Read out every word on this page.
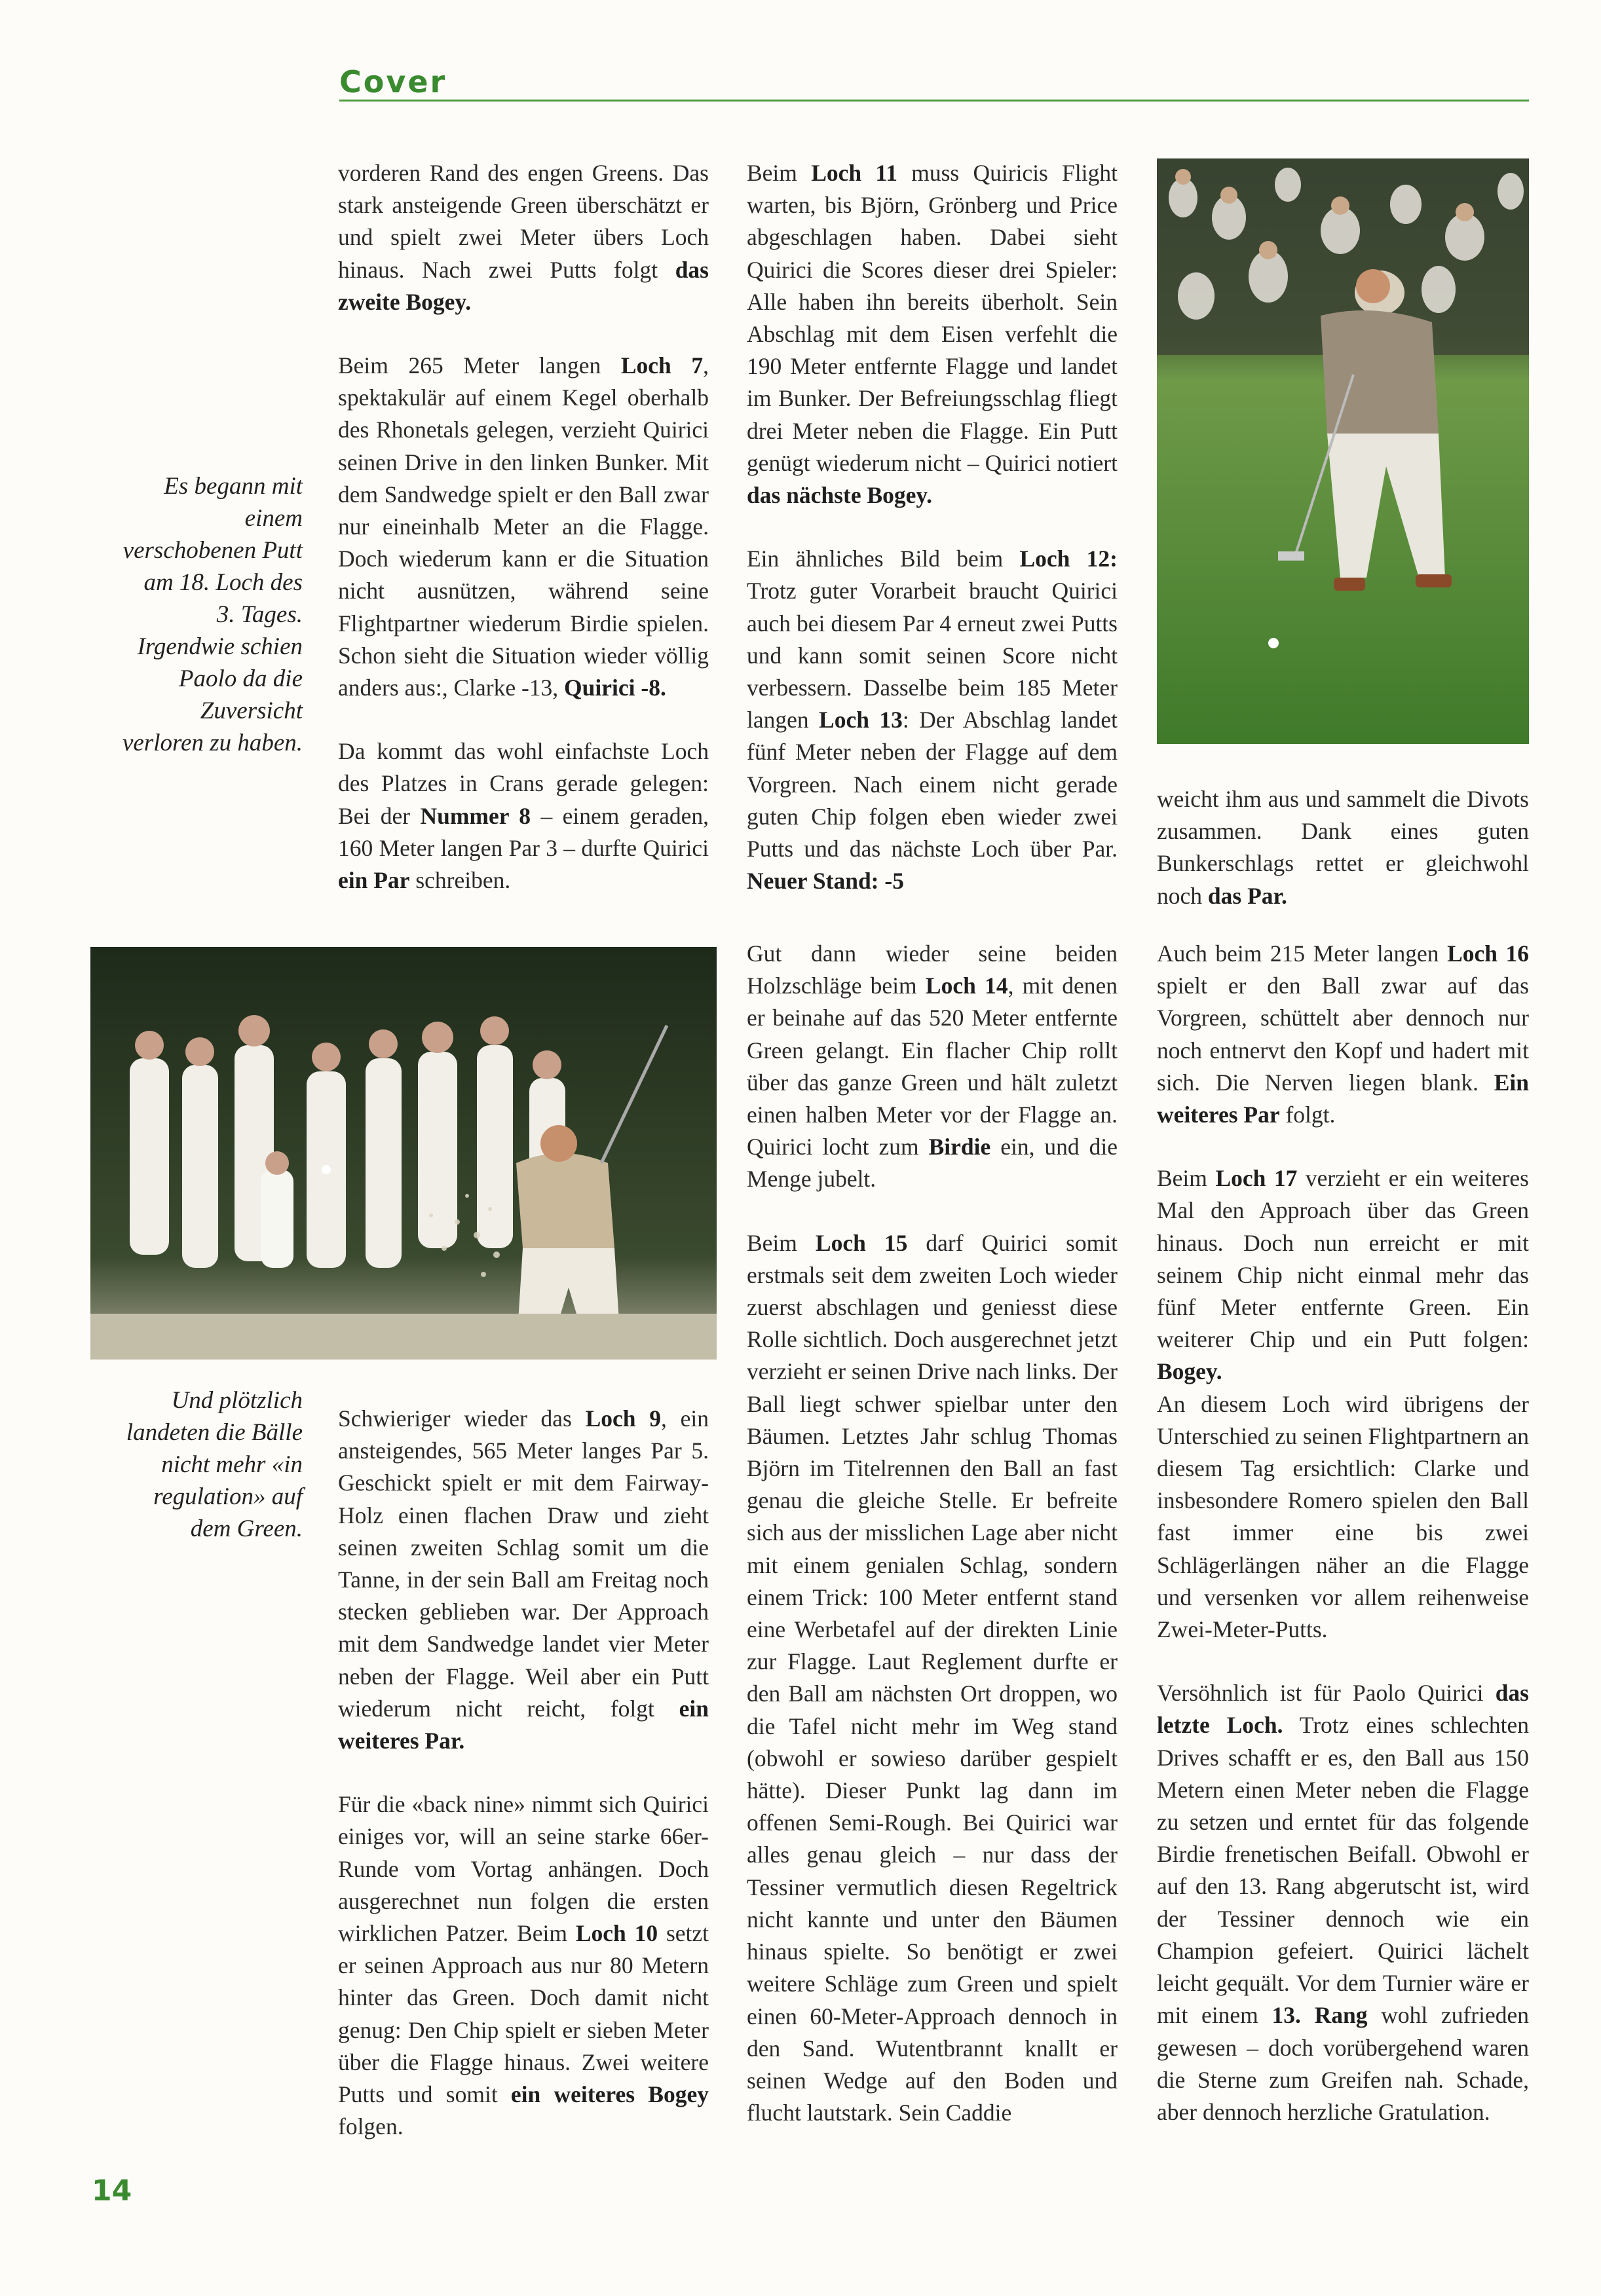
Cover
Es begann mit einem verschobenen Putt am 18. Loch des 3. Tages. Irgendwie schien Paolo da die Zuversicht verloren zu haben.
Und plötzlich landeten die Bälle nicht mehr «in regulation» auf dem Green.

vorderen Rand des engen Greens. Das stark ansteigende Green überschätzt er und spielt zwei Meter übers Loch hinaus. Nach zwei Putts folgt das zweite Bogey.

Beim 265 Meter langen Loch 7, spektakulär auf einem Kegel oberhalb des Rhonetals gelegen, verzieht Quirici seinen Drive in den linken Bunker. Mit dem Sandwedge spielt er den Ball zwar nur eineinhalb Meter an die Flagge. Doch wiederum kann er die Situation nicht ausnützen, während seine Flightpartner wiederum Birdie spielen. Schon sieht die Situation wieder völlig anders aus:, Clarke -13, Quirici -8.

Da kommt das wohl einfachste Loch des Platzes in Crans gerade gelegen: Bei der Nummer 8 – einem geraden, 160 Meter langen Par 3 – durfte Quirici ein Par schreiben.

Schwieriger wieder das Loch 9, ein ansteigendes, 565 Meter langes Par 5. Geschickt spielt er mit dem Fairway-Holz einen flachen Draw und zieht seinen zweiten Schlag somit um die Tanne, in der sein Ball am Freitag noch stecken geblieben war. Der Approach mit dem Sandwedge landet vier Meter neben der Flagge. Weil aber ein Putt wiederum nicht reicht, folgt ein weiteres Par.

Für die «back nine» nimmt sich Quirici einiges vor, will an seine starke 66er-Runde vom Vortag anhängen. Doch ausgerechnet nun folgen die ersten wirklichen Patzer. Beim Loch 10 setzt er seinen Approach aus nur 80 Metern hinter das Green. Doch damit nicht genug: Den Chip spielt er sieben Meter über die Flagge hinaus. Zwei weitere Putts und somit ein weiteres Bogey folgen.

Beim Loch 11 muss Quiricis Flight warten, bis Björn, Grönberg und Price abgeschlagen haben. Dabei sieht Quirici die Scores dieser drei Spieler: Alle haben ihn bereits überholt. Sein Abschlag mit dem Eisen verfehlt die 190 Meter entfernte Flagge und landet im Bunker. Der Befreiungsschlag fliegt drei Meter neben die Flagge. Ein Putt genügt wiederum nicht – Quirici notiert das nächste Bogey.

Ein ähnliches Bild beim Loch 12: Trotz guter Vorarbeit braucht Quirici auch bei diesem Par 4 erneut zwei Putts und kann somit seinen Score nicht verbessern. Dasselbe beim 185 Meter langen Loch 13: Der Abschlag landet fünf Meter neben der Flagge auf dem Vorgreen. Nach einem nicht gerade guten Chip folgen eben wieder zwei Putts und das nächste Loch über Par. Neuer Stand: -5

Gut dann wieder seine beiden Holzschläge beim Loch 14, mit denen er beinahe auf das 520 Meter entfernte Green gelangt. Ein flacher Chip rollt über das ganze Green und hält zuletzt einen halben Meter vor der Flagge an. Quirici locht zum Birdie ein, und die Menge jubelt.

Beim Loch 15 darf Quirici somit erstmals seit dem zweiten Loch wieder zuerst abschlagen und geniesst diese Rolle sichtlich. Doch ausgerechnet jetzt verzieht er seinen Drive nach links. Der Ball liegt schwer spielbar unter den Bäumen. Letztes Jahr schlug Thomas Björn im Titelrennen den Ball an fast genau die gleiche Stelle. Er befreite sich aus der misslichen Lage aber nicht mit einem genialen Schlag, sondern einem Trick: 100 Meter entfernt stand eine Werbetafel auf der direkten Linie zur Flagge. Laut Reglement durfte er den Ball am nächsten Ort droppen, wo die Tafel nicht mehr im Weg stand (obwohl er sowieso darüber gespielt hätte). Dieser Punkt lag dann im offenen Semi-Rough. Bei Quirici war alles genau gleich – nur dass der Tessiner vermutlich diesen Regeltrick nicht kannte und unter den Bäumen hinaus spielte. So benötigt er zwei weitere Schläge zum Green und spielt einen 60-Meter-Approach dennoch in den Sand. Wutentbrannt knallt er seinen Wedge auf den Boden und flucht lautstark. Sein Caddie

weicht ihm aus und sammelt die Divots zusammen. Dank eines guten Bunkerschlags rettet er gleichwohl noch das Par.

Auch beim 215 Meter langen Loch 16 spielt er den Ball zwar auf das Vorgreen, schüttelt aber dennoch nur noch entnervt den Kopf und hadert mit sich. Die Nerven liegen blank. Ein weiteres Par folgt.

Beim Loch 17 verzieht er ein weiteres Mal den Approach über das Green hinaus. Doch nun erreicht er mit seinem Chip nicht einmal mehr das fünf Meter entfernte Green. Ein weiterer Chip und ein Putt folgen: Bogey.
An diesem Loch wird übrigens der Unterschied zu seinen Flightpartnern an diesem Tag ersichtlich: Clarke und insbesondere Romero spielen den Ball fast immer eine bis zwei Schlägerlängen näher an die Flagge und versenken vor allem reihenweise Zwei-Meter-Putts.

Versöhnlich ist für Paolo Quirici das letzte Loch. Trotz eines schlechten Drives schafft er es, den Ball aus 150 Metern einen Meter neben die Flagge zu setzen und erntet für das folgende Birdie frenetischen Beifall. Obwohl er auf den 13. Rang abgerutscht ist, wird der Tessiner dennoch wie ein Champion gefeiert. Quirici lächelt leicht gequält. Vor dem Turnier wäre er mit einem 13. Rang wohl zufrieden gewesen – doch vorübergehend waren die Sterne zum Greifen nah. Schade, aber dennoch herzliche Gratulation.

14
